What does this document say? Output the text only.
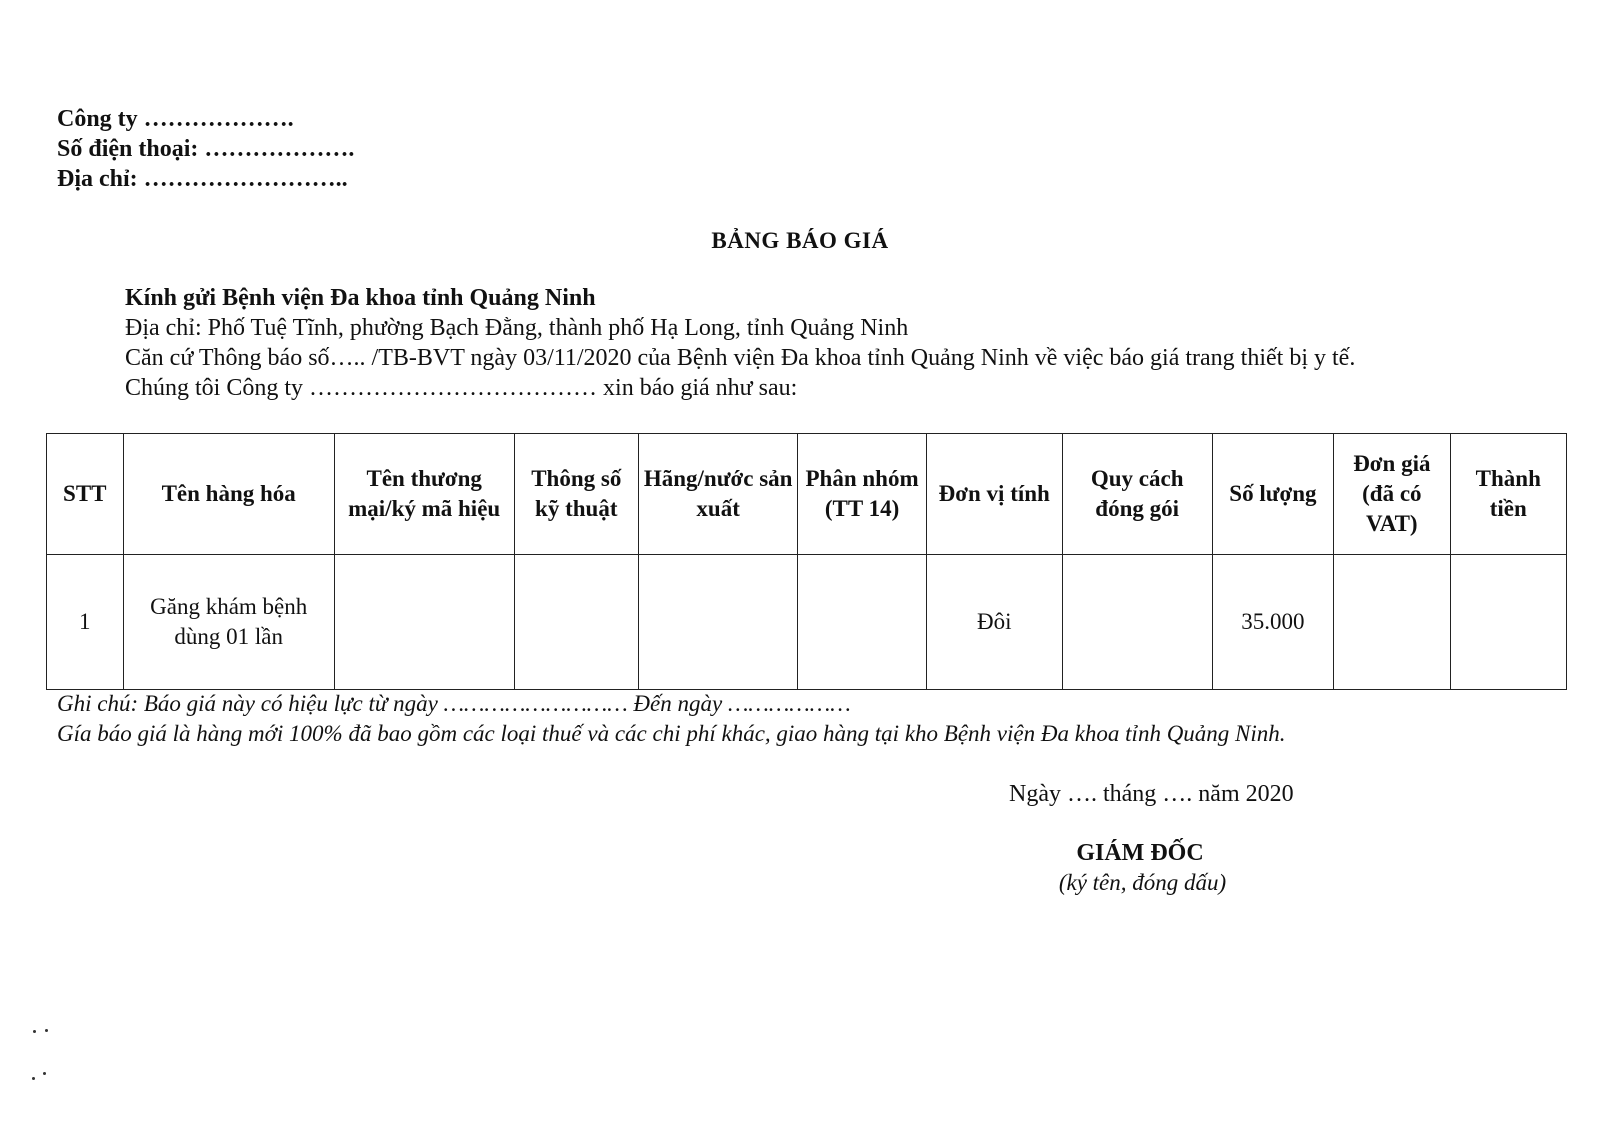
Công ty ……………….
Số điện thoại: ……………….
Địa chỉ: ……………………..
BẢNG BÁO GIÁ
Kính gửi Bệnh viện Đa khoa tỉnh Quảng Ninh
Địa chỉ: Phố Tuệ Tĩnh, phường Bạch Đằng, thành phố Hạ Long, tỉnh Quảng Ninh
Căn cứ Thông báo số….. /TB-BVT ngày 03/11/2020 của Bệnh viện Đa khoa tỉnh Quảng Ninh về việc báo giá trang thiết bị y tế.
Chúng tôi Công ty ……………………………… xin báo giá như sau:
STT	Tên hàng hóa	Tên thương mại/ký mã hiệu	Thông số kỹ thuật	Hãng/nước sản xuất	Phân nhóm (TT 14)	Đơn vị tính	Quy cách đóng gói	Số lượng	Đơn giá (đã có VAT)	Thành tiền
1	Găng khám bệnh dùng 01 lần					Đôi		35.000		
Ghi chú: Báo giá này có hiệu lực từ ngày ……………………… Đến ngày ………………
Gía báo giá là hàng mới 100% đã bao gồm các loại thuế và các chi phí khác, giao hàng tại kho Bệnh viện Đa khoa tỉnh Quảng Ninh.
Ngày …. tháng …. năm 2020
GIÁM ĐỐC
(ký tên, đóng dấu)
